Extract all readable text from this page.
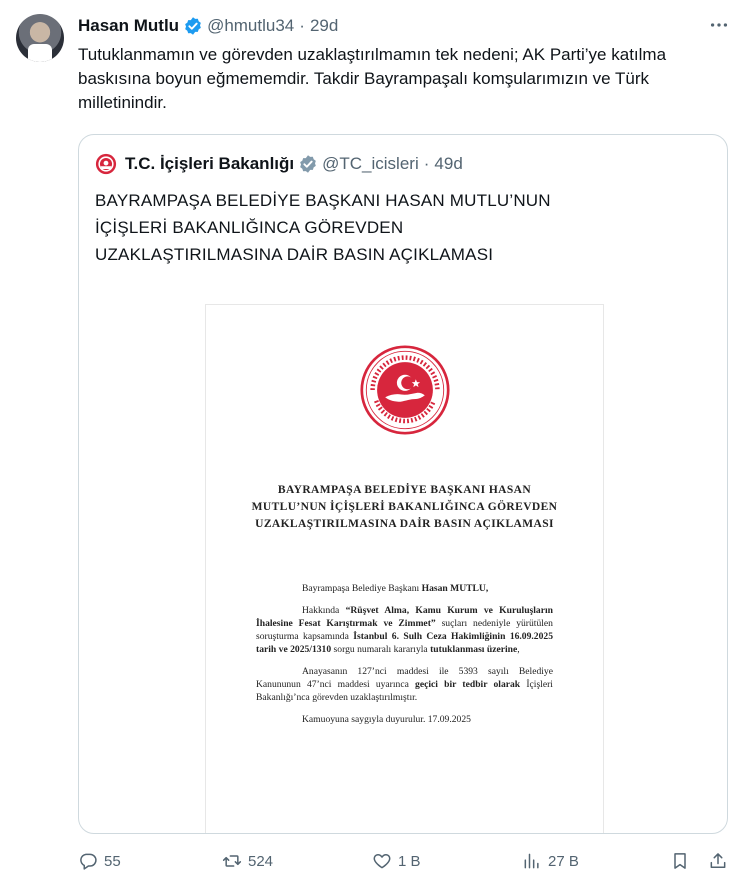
Hasan Mutlu @hmutlu34 · 29d
Tutuklanmamın ve görevden uzaklaştırılmamın tek nedeni; AK Parti’ye katılma baskısına boyun eğmememdir. Takdir Bayrampaşalı komşularımızın ve Türk milletinindir.
T.C. İçişleri Bakanlığı @TC_icisleri · 49d
BAYRAMPAŞA BELEDİYE BAŞKANI HASAN MUTLU’NUN İÇİŞLERİ BAKANLIĞINCA GÖREVDEN UZAKLAŞTIRILMASINA DAİR BASIN AÇIKLAMASI
BAYRAMPAŞA BELEDİYE BAŞKANI HASAN MUTLU’NUN İÇİŞLERİ BAKANLIĞINCA GÖREVDEN UZAKLAŞTIRILMASINA DAİR BASIN AÇIKLAMASI

Bayrampaşa Belediye Başkanı Hasan MUTLU,

Hakkında “Rüşvet Alma, Kamu Kurum ve Kuruluşların İhalesine Fesat Karıştırmak ve Zimmet” suçları nedeniyle yürütülen soruşturma kapsamında İstanbul 6. Sulh Ceza Hakimliğinin 16.09.2025 tarih ve 2025/1310 sorgu numaralı kararıyla tutuklanması üzerine,

Anayasanın 127’nci maddesi ile 5393 sayılı Belediye Kanununun 47’nci maddesi uyarınca geçici bir tedbir olarak İçişleri Bakanlığı’nca görevden uzaklaştırılmıştır.

Kamuoyuna saygıyla duyurulur. 17.09.2025

55	524	1 B	27 B
